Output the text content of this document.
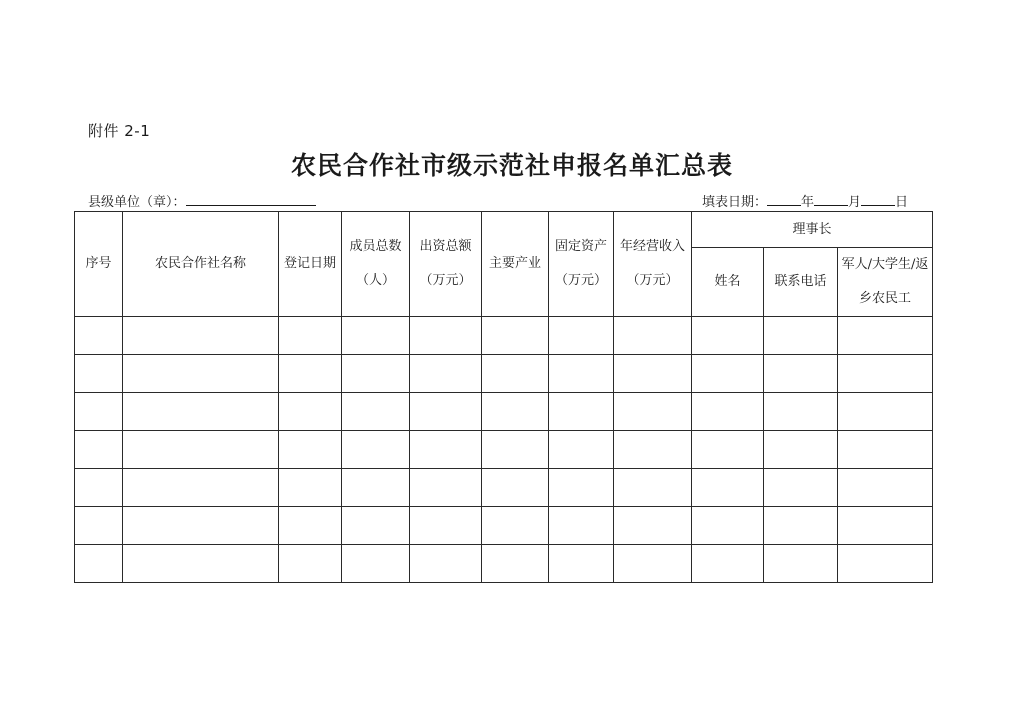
附件 2-1
农民合作社市级示范社申报名单汇总表
县级单位（章）：	填表日期：	年	月	日
序号	农民合作社名称	登记日期	成员总数（人）	出资总额（万元）	主要产业	固定资产（万元）	年经营收入（万元）	理事长		
								姓名	联系电话	军人/大学生/返乡农民工
